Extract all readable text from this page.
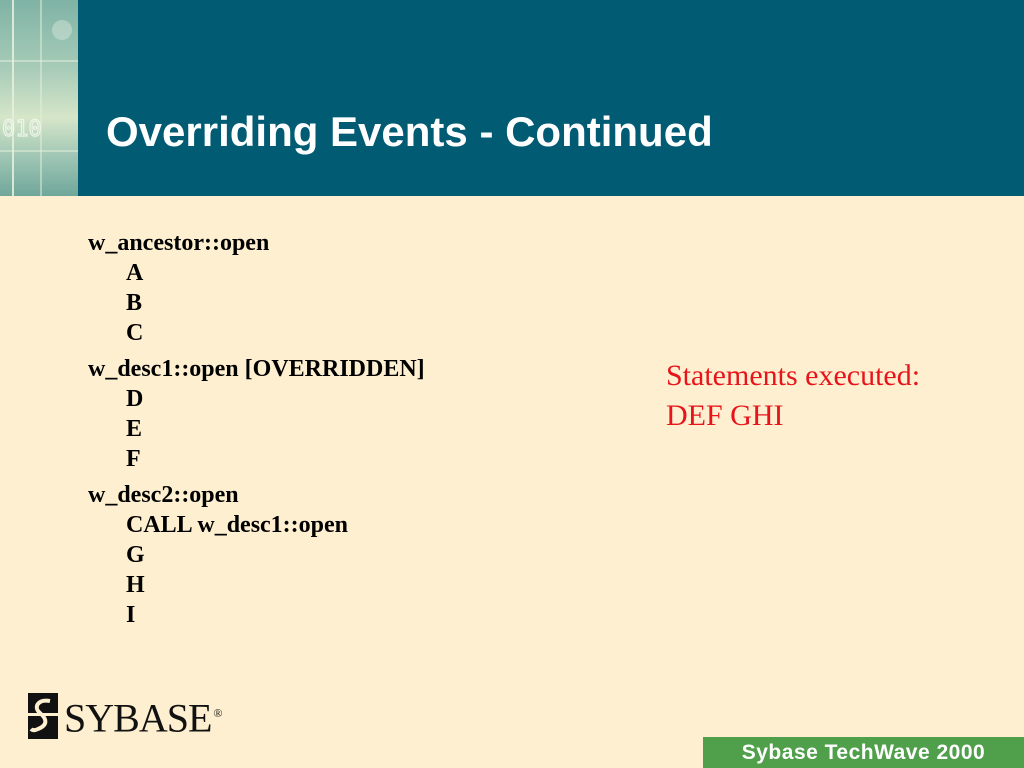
010 Overriding Events - Continued
w_ancestor::open
A
B
C
w_desc1::open [OVERRIDDEN]
D
E
F
w_desc2::open
CALL w_desc1::open
G
H
I
Statements executed:
DEF GHI
SYBASE ®
Sybase TechWave 2000
